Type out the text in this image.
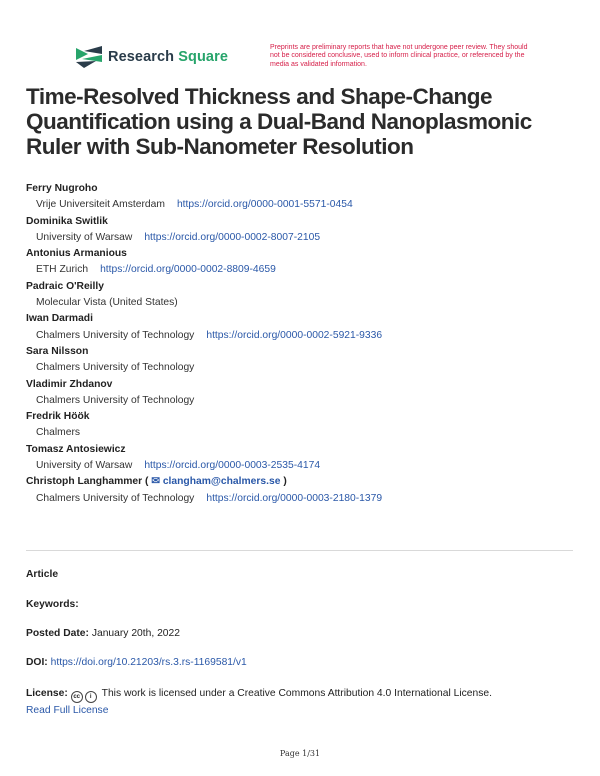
Research Square
Preprints are preliminary reports that have not undergone peer review. They should not be considered conclusive, used to inform clinical practice, or referenced by the media as validated information.
Time-Resolved Thickness and Shape-Change Quantification using a Dual-Band Nanoplasmonic Ruler with Sub-Nanometer Resolution
Ferry Nugroho
Vrije Universiteit Amsterdam https://orcid.org/0000-0001-5571-0454
Dominika Switlik
University of Warsaw https://orcid.org/0000-0002-8007-2105
Antonius Armanious
ETH Zurich https://orcid.org/0000-0002-8809-4659
Padraic O'Reilly
Molecular Vista (United States)
Iwan Darmadi
Chalmers University of Technology https://orcid.org/0000-0002-5921-9336
Sara Nilsson
Chalmers University of Technology
Vladimir Zhdanov
Chalmers University of Technology
Fredrik Höök
Chalmers
Tomasz Antosiewicz
University of Warsaw https://orcid.org/0000-0003-2535-4174
Christoph Langhammer ( ✉ clangham@chalmers.se )
Chalmers University of Technology https://orcid.org/0000-0003-2180-1379
Article
Keywords:
Posted Date: January 20th, 2022
DOI: https://doi.org/10.21203/rs.3.rs-1169581/v1
License: cc	i This work is licensed under a Creative Commons Attribution 4.0 International License.
Read Full License
Page 1/31
